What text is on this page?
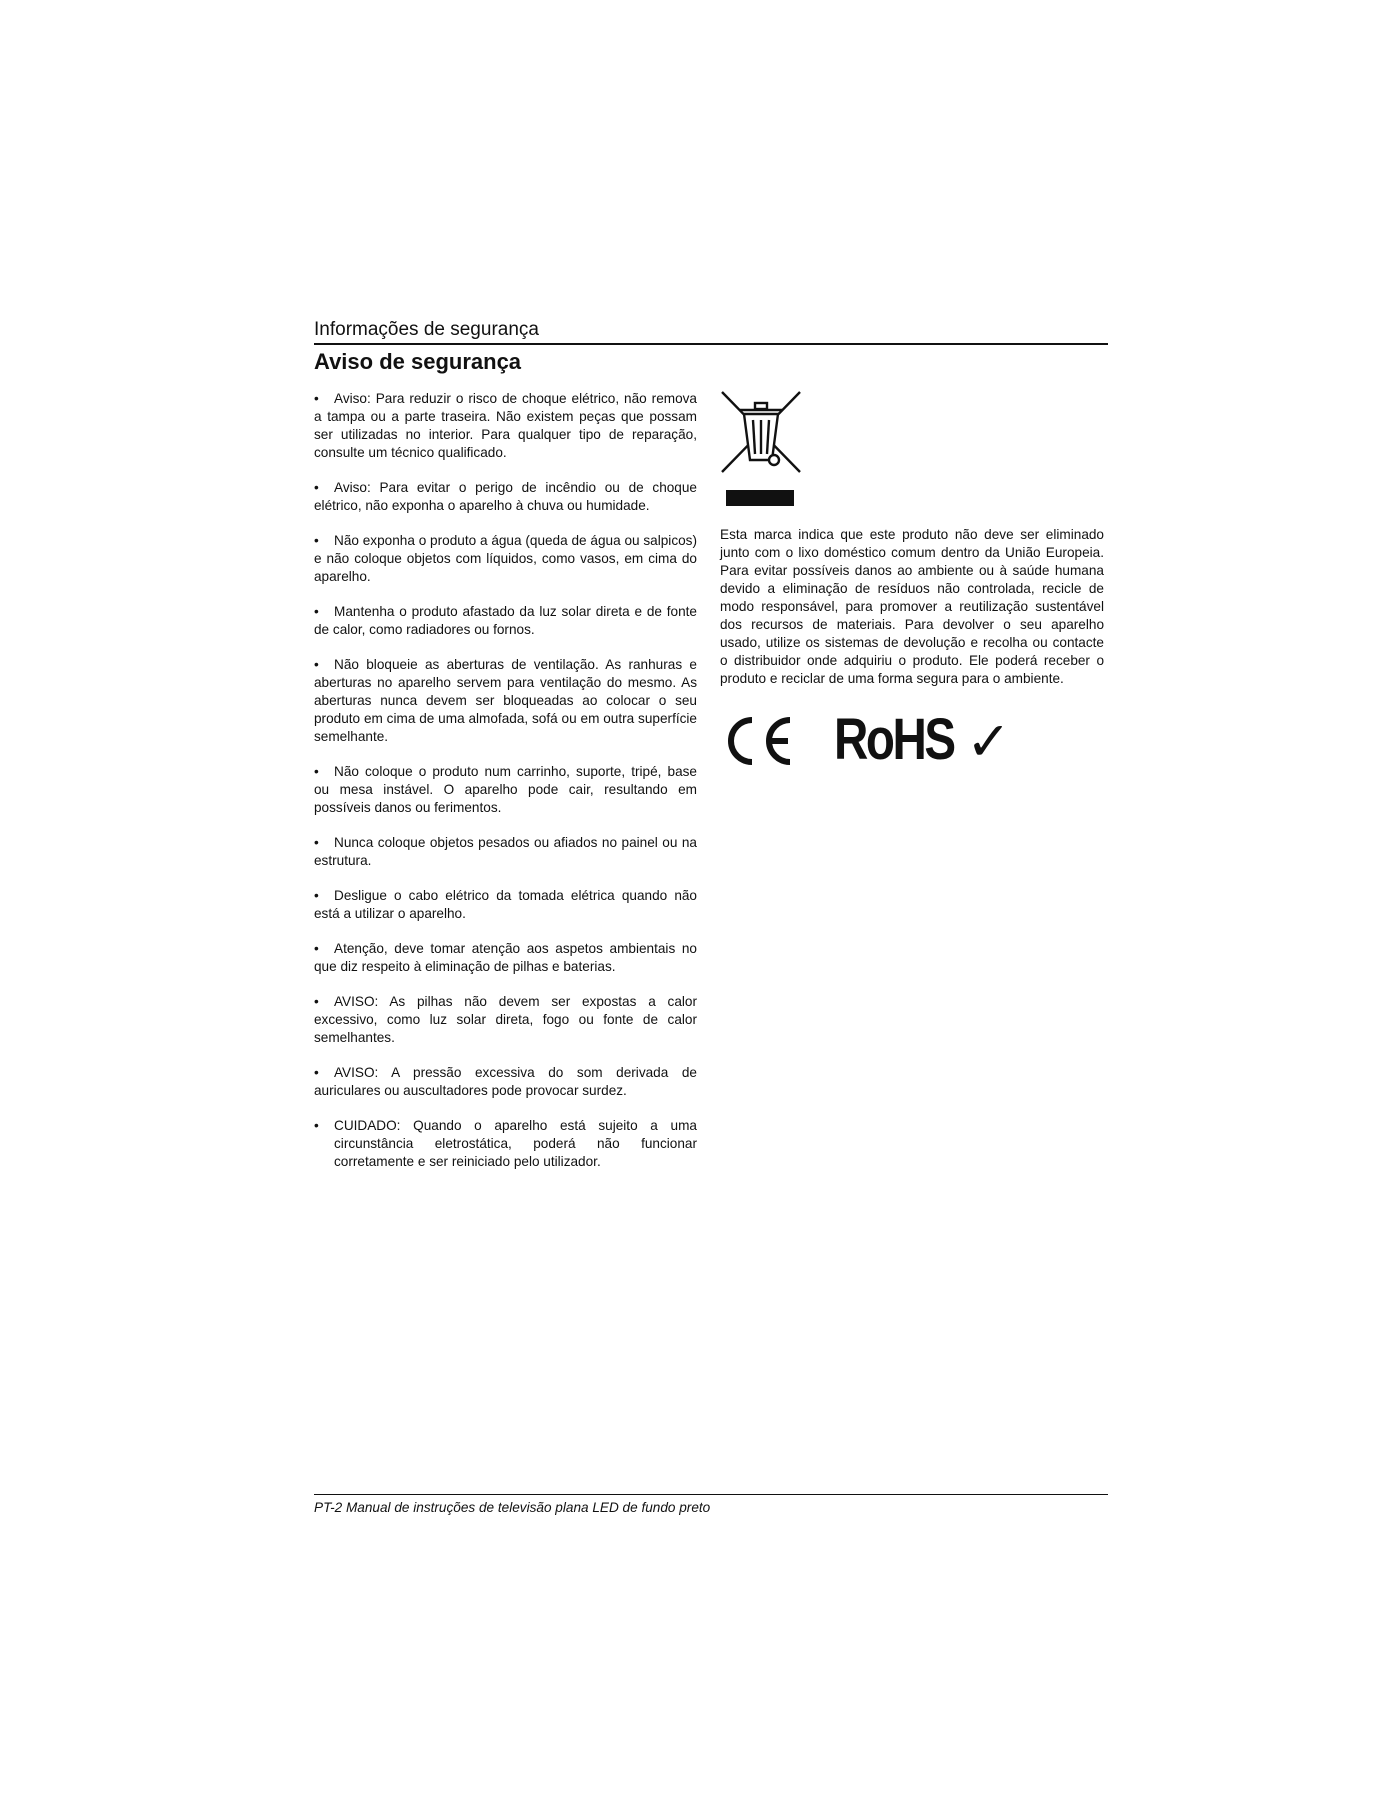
Informações de segurança
Aviso de segurança
• Aviso: Para reduzir o risco de choque elétrico, não remova a tampa ou a parte traseira. Não existem peças que possam ser utilizadas no interior. Para qualquer tipo de reparação, consulte um técnico qualificado.
• Aviso: Para evitar o perigo de incêndio ou de choque elétrico, não exponha o aparelho à chuva ou humidade.
• Não exponha o produto a água (queda de água ou salpicos) e não coloque objetos com líquidos, como vasos, em cima do aparelho.
• Mantenha o produto afastado da luz solar direta e de fonte de calor, como radiadores ou fornos.
• Não bloqueie as aberturas de ventilação. As ranhuras e aberturas no aparelho servem para ventilação do mesmo. As aberturas nunca devem ser bloqueadas ao colocar o seu produto em cima de uma almofada, sofá ou em outra superfície semelhante.
• Não coloque o produto num carrinho, suporte, tripé, base ou mesa instável. O aparelho pode cair, resultando em possíveis danos ou ferimentos.
• Nunca coloque objetos pesados ou afiados no painel ou na estrutura.
• Desligue o cabo elétrico da tomada elétrica quando não está a utilizar o aparelho.
• Atenção, deve tomar atenção aos aspetos ambientais no que diz respeito à eliminação de pilhas e baterias.
• AVISO: As pilhas não devem ser expostas a calor excessivo, como luz solar direta, fogo ou fonte de calor semelhantes.
• AVISO: A pressão excessiva do som derivada de auriculares ou auscultadores pode provocar surdez.
• CUIDADO: Quando o aparelho está sujeito a uma circunstância eletrostática, poderá não funcionar corretamente e ser reiniciado pelo utilizador.
Esta marca indica que este produto não deve ser eliminado junto com o lixo doméstico comum dentro da União Europeia. Para evitar possíveis danos ao ambiente ou à saúde humana devido a eliminação de resíduos não controlada, recicle de modo responsável, para promover a reutilização sustentável dos recursos de materiais. Para devolver o seu aparelho usado, utilize os sistemas de devolução e recolha ou contacte o distribuidor onde adquiriu o produto. Ele poderá receber o produto e reciclar de uma forma segura para o ambiente.
RoHS ✓
PT-2 Manual de instruções de televisão plana LED de fundo preto
